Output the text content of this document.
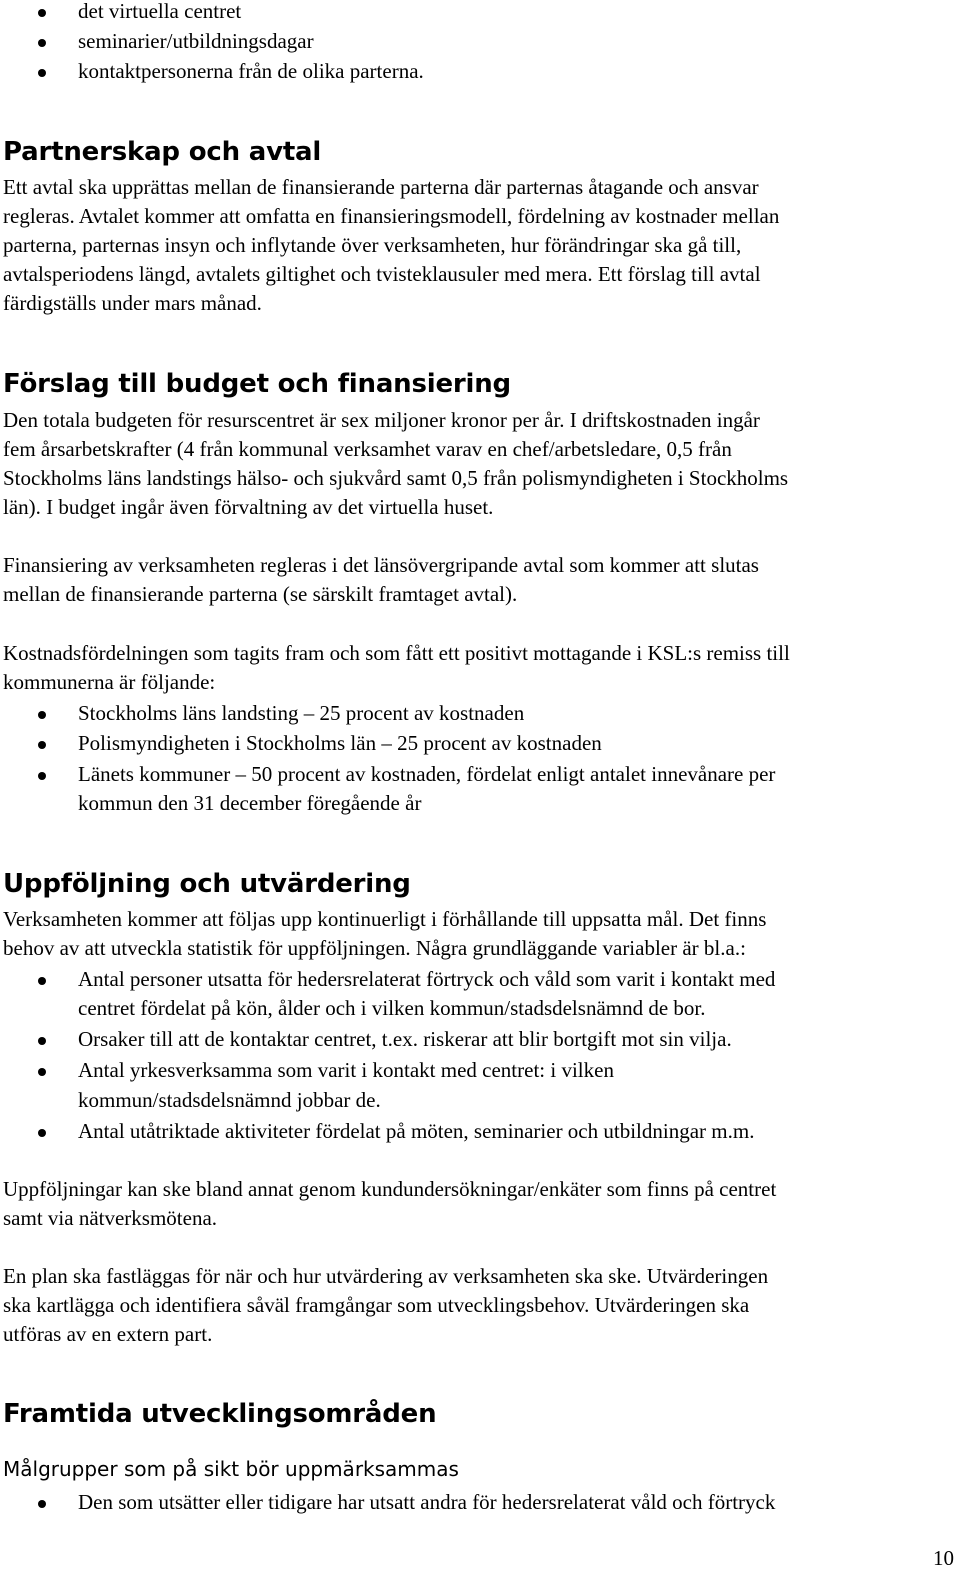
det virtuella centret
seminarier/utbildningsdagar
kontaktpersonerna från de olika parterna.
Partnerskap och avtal
Ett avtal ska upprättas mellan de finansierande parterna där parternas åtagande och ansvar
regleras. Avtalet kommer att omfatta en finansieringsmodell, fördelning av kostnader mellan
parterna, parternas insyn och inflytande över verksamheten, hur förändringar ska gå till,
avtalsperiodens längd, avtalets giltighet och tvisteklausuler med mera. Ett förslag till avtal
färdigställs under mars månad.
Förslag till budget och finansiering
Den totala budgeten för resurscentret är sex miljoner kronor per år. I driftskostnaden ingår
fem årsarbetskrafter (4 från kommunal verksamhet varav en chef/arbetsledare, 0,5 från
Stockholms läns landstings hälso- och sjukvård samt 0,5 från polismyndigheten i Stockholms
län). I budget ingår även förvaltning av det virtuella huset.
Finansiering av verksamheten regleras i det länsövergripande avtal som kommer att slutas
mellan de finansierande parterna (se särskilt framtaget avtal).
Kostnadsfördelningen som tagits fram och som fått ett positivt mottagande i KSL:s remiss till
kommunerna är följande:
Stockholms läns landsting – 25 procent av kostnaden
Polismyndigheten i Stockholms län – 25 procent av kostnaden
Länets kommuner – 50 procent av kostnaden, fördelat enligt antalet innevånare per
kommun den 31 december föregående år
Uppföljning och utvärdering
Verksamheten kommer att följas upp kontinuerligt i förhållande till uppsatta mål. Det finns
behov av att utveckla statistik för uppföljningen. Några grundläggande variabler är bl.a.:
Antal personer utsatta för hedersrelaterat förtryck och våld som varit i kontakt med
centret fördelat på kön, ålder och i vilken kommun/stadsdelsnämnd de bor.
Orsaker till att de kontaktar centret, t.ex. riskerar att blir bortgift mot sin vilja.
Antal yrkesverksamma som varit i kontakt med centret: i vilken
kommun/stadsdelsnämnd jobbar de.
Antal utåtriktade aktiviteter fördelat på möten, seminarier och utbildningar m.m.
Uppföljningar kan ske bland annat genom kundundersökningar/enkäter som finns på centret
samt via nätverksmötena.
En plan ska fastläggas för när och hur utvärdering av verksamheten ska ske. Utvärderingen
ska kartlägga och identifiera såväl framgångar som utvecklingsbehov. Utvärderingen ska
utföras av en extern part.
Framtida utvecklingsområden
Målgrupper som på sikt bör uppmärksammas
Den som utsätter eller tidigare har utsatt andra för hedersrelaterat våld och förtryck
10
